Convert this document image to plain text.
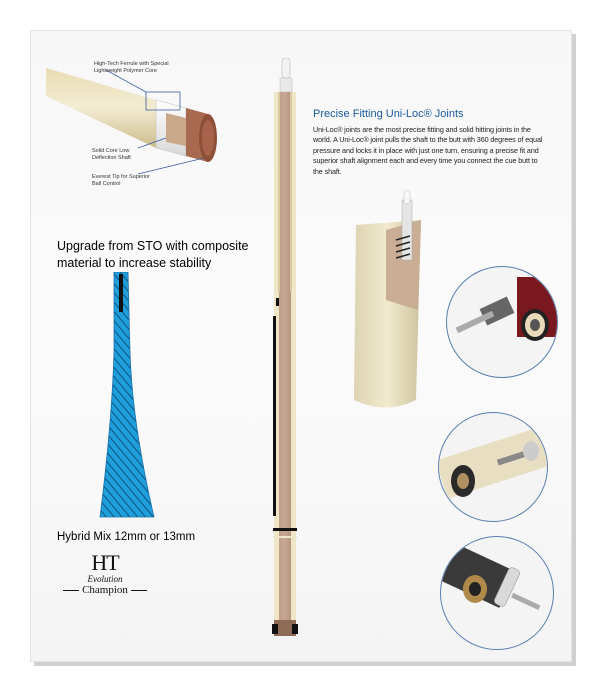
High-Tech Ferrule with Special Lightweight Polymer Core
Solid Core Low Deflection Shaft
Everest Tip for Superior Ball Control
Upgrade from STO with composite
material to increase stability
Hybrid Mix 12mm or 13mm
HT
Evolution
Champion
Precise Fitting Uni-Loc® Joints
Uni-Loc® joints are the most precise fitting and solid hitting joints in the world. A Uni-Loc® joint pulls the shaft to the butt with 360 degrees of equal pressure and locks it in place with just one turn, ensuring a precise fit and superior shaft alignment each and every time you connect the cue butt to the shaft.
